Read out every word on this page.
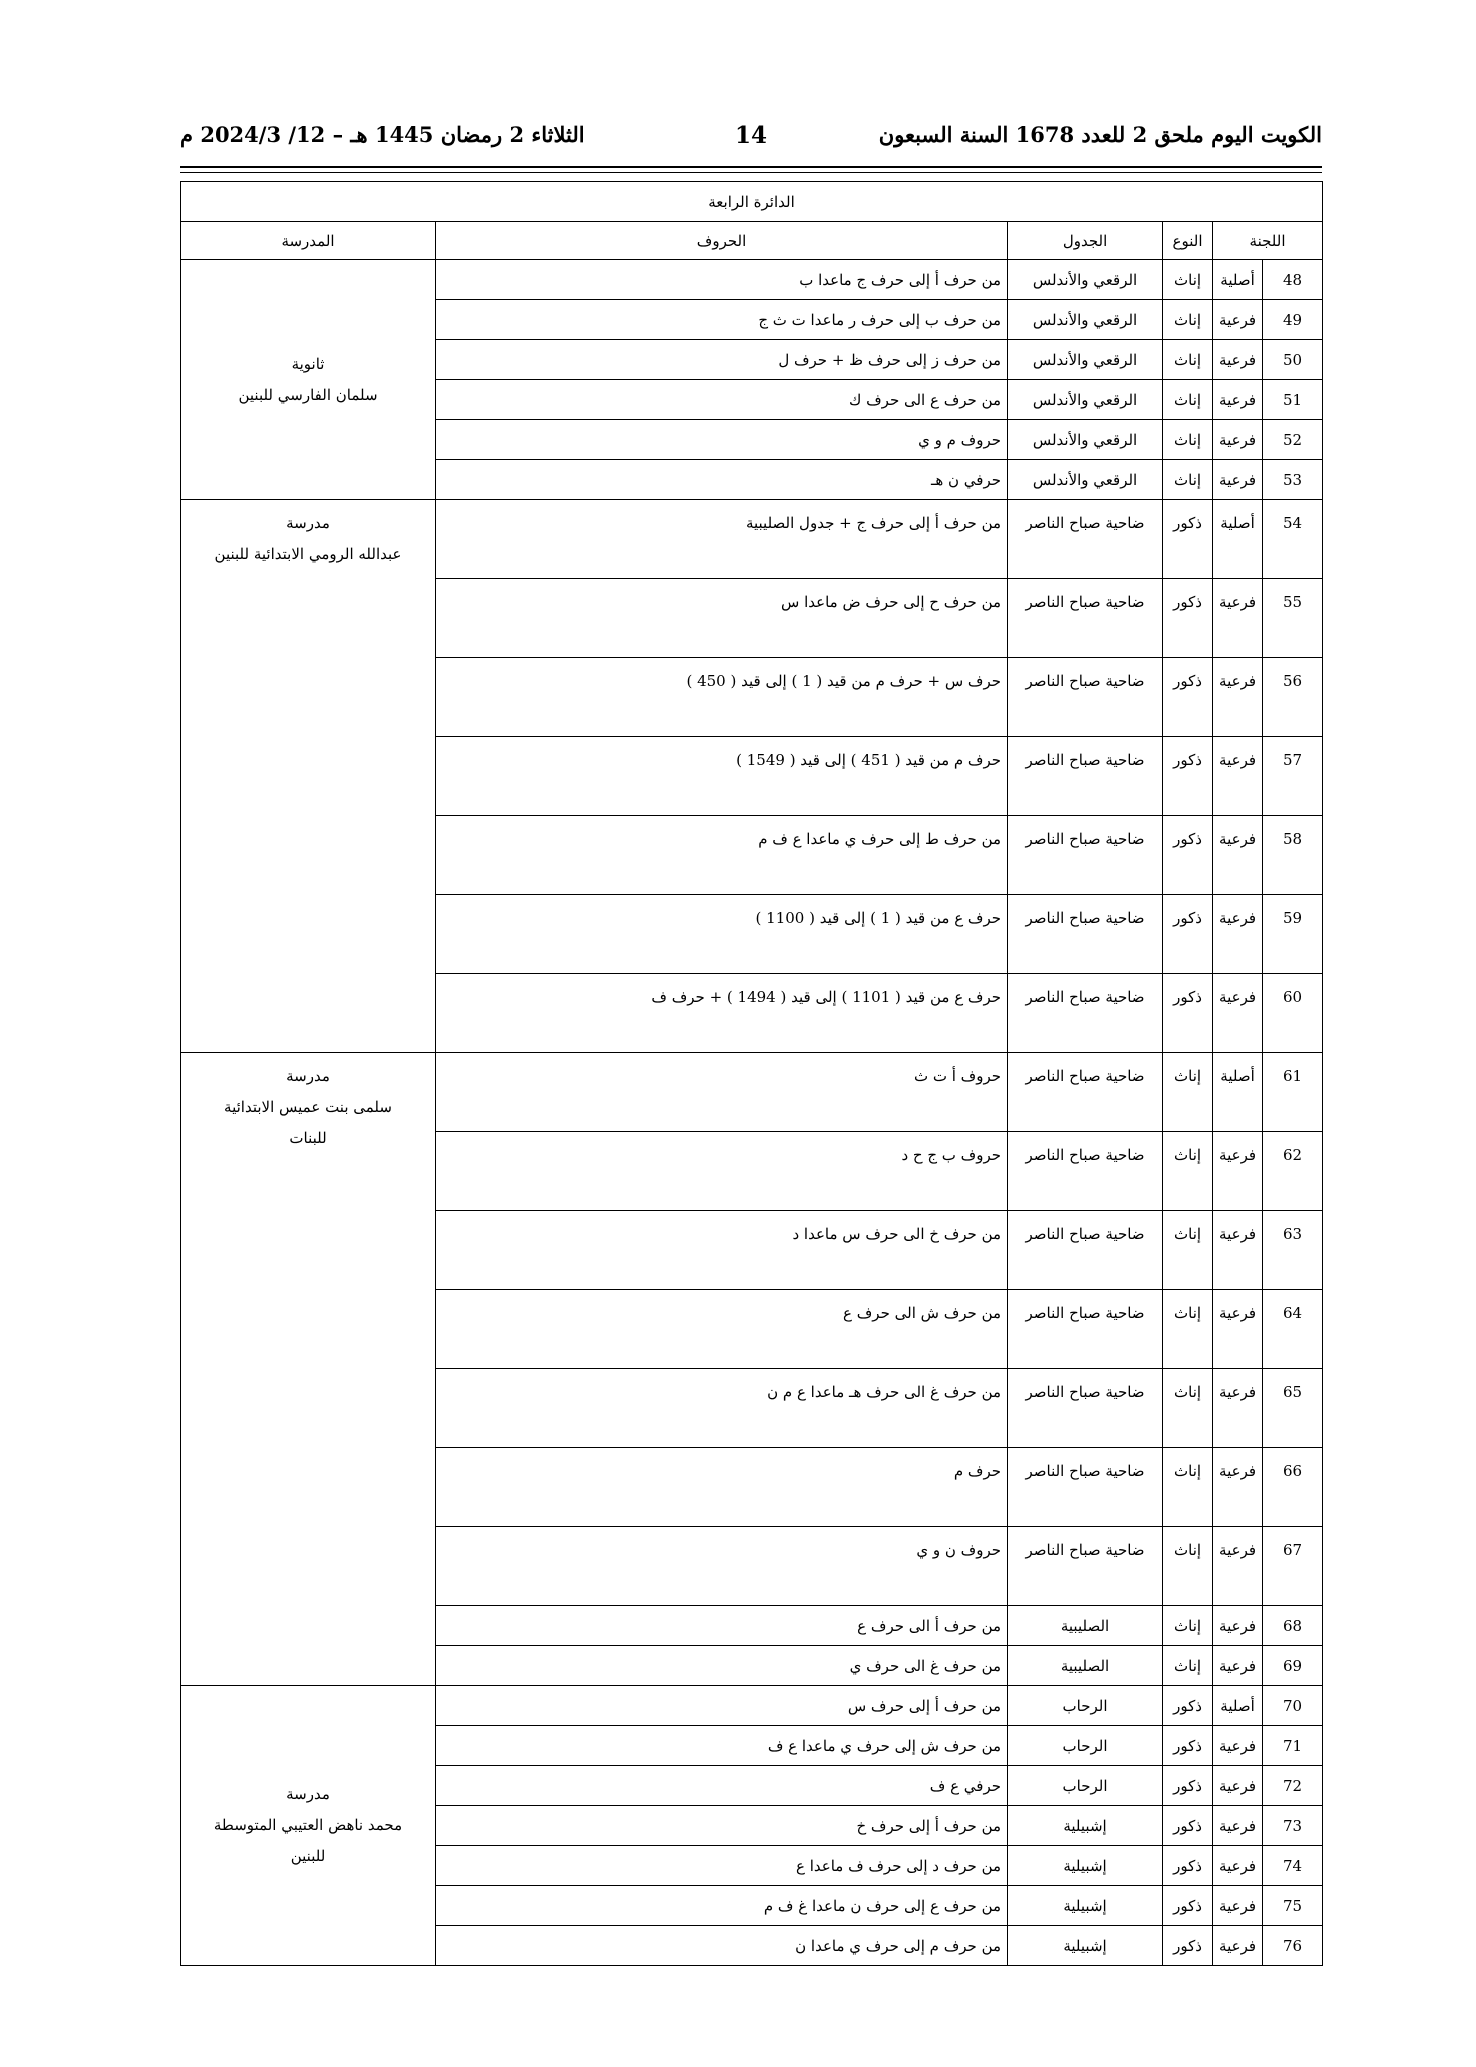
الكويت اليوم ملحق 2 للعدد 1678 السنة السبعون
14
الثلاثاء 2 رمضان 1445 هـ – 12/ 2024/3 م
الدائرة الرابعة					
اللجنة		النوع	الجدول	الحروف	المدرسة
48	أصلية	إناث	الرقعي والأندلس	من حرف أ إلى حرف ج ماعدا ب	ثانوية
سلمان الفارسي للبنين
49	فرعية	إناث	الرقعي والأندلس	من حرف ب إلى حرف ر ماعدا ت ث ج	
50	فرعية	إناث	الرقعي والأندلس	من حرف ز إلى حرف ظ + حرف ل	
51	فرعية	إناث	الرقعي والأندلس	من حرف ع الى حرف ك	
52	فرعية	إناث	الرقعي والأندلس	حروف م و ي	
53	فرعية	إناث	الرقعي والأندلس	حرفي ن هـ	
54	أصلية	ذكور	ضاحية صباح الناصر	من حرف أ إلى حرف ج + جدول الصليبية	مدرسة
عبدالله الرومي الابتدائية للبنين
55	فرعية	ذكور	ضاحية صباح الناصر	من حرف ح إلى حرف ض ماعدا س	
56	فرعية	ذكور	ضاحية صباح الناصر	حرف س + حرف م من قيد ( 1 ) إلى قيد ( 450 )	
57	فرعية	ذكور	ضاحية صباح الناصر	حرف م من قيد ( 451 ) إلى قيد ( 1549 )	
58	فرعية	ذكور	ضاحية صباح الناصر	من حرف ط إلى حرف ي ماعدا ع ف م	
59	فرعية	ذكور	ضاحية صباح الناصر	حرف ع من قيد ( 1 ) إلى قيد ( 1100 )	
60	فرعية	ذكور	ضاحية صباح الناصر	حرف ع من قيد ( 1101 ) إلى قيد ( 1494 ) + حرف ف	
61	أصلية	إناث	ضاحية صباح الناصر	حروف أ ت ث	مدرسة
سلمى بنت عميس الابتدائية
للبنات
62	فرعية	إناث	ضاحية صباح الناصر	حروف ب ج ح د	
63	فرعية	إناث	ضاحية صباح الناصر	من حرف خ الى حرف س ماعدا د	
64	فرعية	إناث	ضاحية صباح الناصر	من حرف ش الى حرف ع	
65	فرعية	إناث	ضاحية صباح الناصر	من حرف غ الى حرف هـ ماعدا ع م ن	
66	فرعية	إناث	ضاحية صباح الناصر	حرف م	
67	فرعية	إناث	ضاحية صباح الناصر	حروف ن و ي	
68	فرعية	إناث	الصليبية	من حرف أ الى حرف ع	
69	فرعية	إناث	الصليبية	من حرف غ الى حرف ي	
70	أصلية	ذكور	الرحاب	من حرف أ إلى حرف س	مدرسة
محمد ناهض العتيبي المتوسطة
للبنين
71	فرعية	ذكور	الرحاب	من حرف ش إلى حرف ي ماعدا ع ف	
72	فرعية	ذكور	الرحاب	حرفي ع ف	
73	فرعية	ذكور	إشبيلية	من حرف أ إلى حرف خ	
74	فرعية	ذكور	إشبيلية	من حرف د إلى حرف ف ماعدا ع	
75	فرعية	ذكور	إشبيلية	من حرف ع إلى حرف ن ماعدا غ ف م	
76	فرعية	ذكور	إشبيلية	من حرف م إلى حرف ي ماعدا ن	
